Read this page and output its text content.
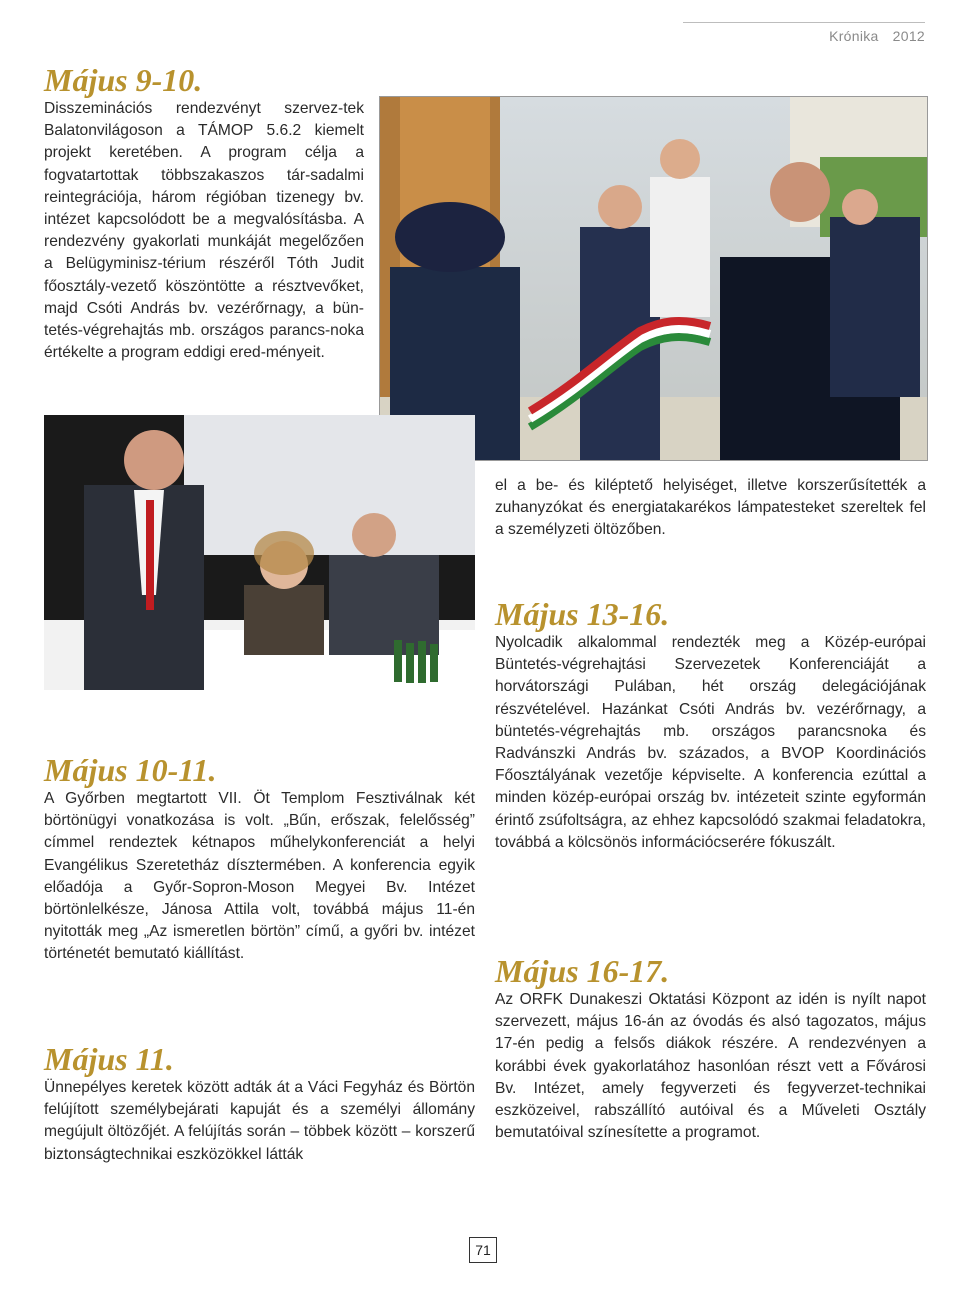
Krónika 2012
Május 9-10.

Disszeminációs rendezvényt szervez-tek Balatonvilágoson a TÁMOP 5.6.2 kiemelt projekt keretében. A program célja a fogvatartottak többszakaszos tár-sadalmi reintegrációja, három régióban tizenegy bv. intézet kapcsolódott be a megvalósításba. A rendezvény gyakorlati munkáját megelőzően a Belügyminisz-térium részéről Tóth Judit főosztály-vezető köszöntötte a résztvevőket, majd Csóti András bv. vezérőrnagy, a bün-tetés-végrehajtás mb. országos parancs-noka értékelte a program eddigi ered-ményeit.

el a be- és kiléptető helyiséget, illetve korszerűsítették a zuhanyzókat és energiatakarékos lámpatesteket szereltek fel a személyzeti öltözőben.

Május 13-16.

Nyolcadik alkalommal rendezték meg a Közép-európai Büntetés-végrehajtási Szervezetek Konferenciáját a horvátországi Pulában, hét ország delegációjának részvételével. Hazánkat Csóti András bv. vezérőrnagy, a büntetés-végrehajtás mb. országos parancsnoka és Radvánszki András bv. százados, a BVOP Koordinációs Főosztályának vezetője képviselte. A konferencia ezúttal a minden közép-európai ország bv. intézeteit szinte egyformán érintő zsúfoltságra, az ehhez kapcsolódó szakmai feladatokra, továbbá a kölcsönös információcserére fókuszált.

Május 10-11.

A Győrben megtartott VII. Öt Templom Fesztiválnak két börtönügyi vonatkozása is volt. „Bűn, erőszak, felelősség” címmel rendeztek kétnapos műhelykonferenciát a helyi Evangélikus Szeretetház dísztermében. A konferencia egyik előadója a Győr-Sopron-Moson Megyei Bv. Intézet börtönlelkésze, Jánosa Attila volt, továbbá május 11-én nyitották meg „Az ismeretlen börtön” című, a győri bv. intézet történetét bemutató kiállítást.	Május 16-17.

Az ORFK Dunakeszi Oktatási Központ az idén is nyílt napot szervezett, május 16-án az óvodás és alsó tagozatos, május 17-én pedig a felsős diákok részére. A rendezvényen a korábbi évek gyakorlatához hasonlóan részt vett a Fővárosi Bv. Intézet, amely fegyverzeti és fegyverzet-technikai eszközeivel, rabszállító autóival és a Műveleti Osztály bemutatóival színesítette a programot.

Május 11.

Ünnepélyes keretek között adták át a Váci Fegyház és Börtön felújított személybejárati kapuját és a személyi állomány megújult öltözőjét. A felújítás során – többek között – korszerű biztonságtechnikai eszközökkel látták

71
